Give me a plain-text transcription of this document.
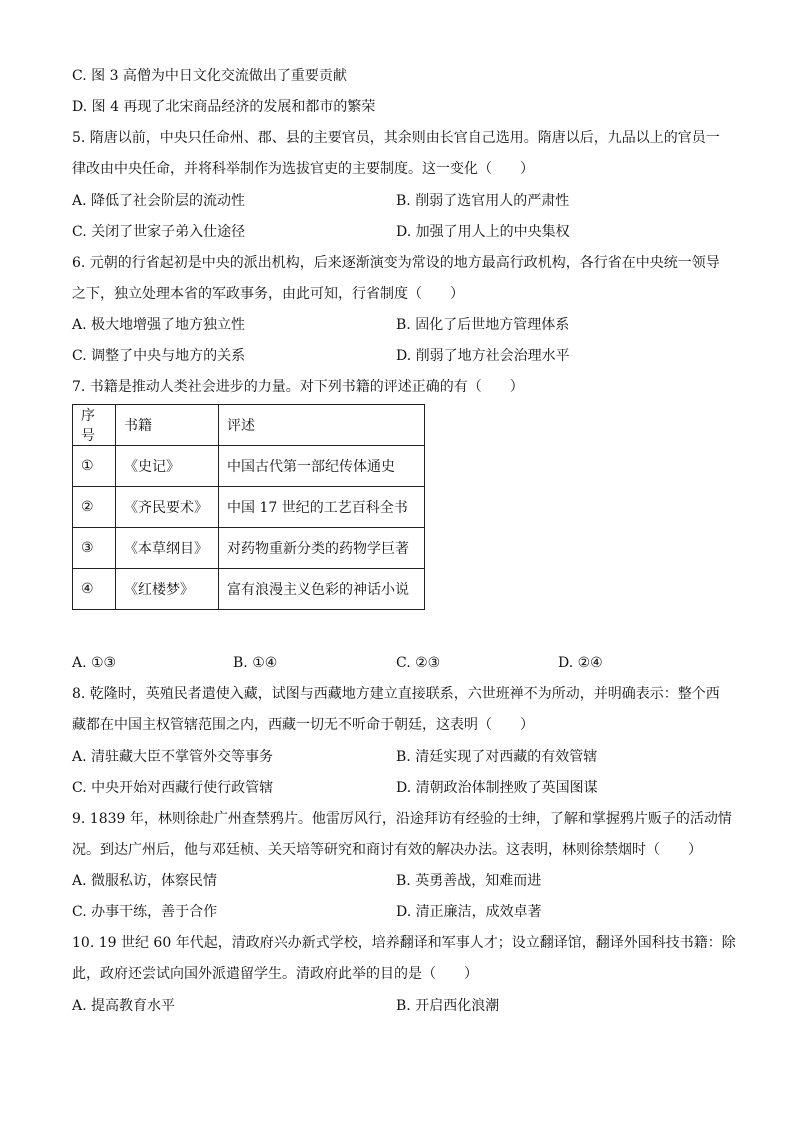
C. 图 3 高僧为中日文化交流做出了重要贡献
D. 图 4 再现了北宋商品经济的发展和都市的繁荣
5. 隋唐以前，中央只任命州、郡、县的主要官员，其余则由长官自己选用。隋唐以后，九品以上的官员一
律改由中央任命，并将科举制作为选拔官吏的主要制度。这一变化（　　）
A. 降低了社会阶层的流动性	B. 削弱了选官用人的严肃性
C. 关闭了世家子弟入仕途径	D. 加强了用人上的中央集权
6. 元朝的行省起初是中央的派出机构，后来逐渐演变为常设的地方最高行政机构，各行省在中央统一领导
之下，独立处理本省的军政事务，由此可知，行省制度（　　）
A. 极大地增强了地方独立性	B. 固化了后世地方管理体系
C. 调整了中央与地方的关系	D. 削弱了地方社会治理水平
7. 书籍是推动人类社会进步的力量。对下列书籍的评述正确的有（　　）
序号	书籍	评述
①	《史记》	中国古代第一部纪传体通史
②	《齐民要术》	中国 17 世纪的工艺百科全书
③	《本草纲目》	对药物重新分类的药物学巨著
④	《红楼梦》	富有浪漫主义色彩的神话小说
A. ①③	B. ①④	C. ②③	D. ②④
8. 乾隆时，英殖民者遣使入藏，试图与西藏地方建立直接联系，六世班禅不为所动，并明确表示：整个西
藏都在中国主权管辖范围之内，西藏一切无不听命于朝廷，这表明（　　）
A. 清驻藏大臣不掌管外交等事务	B. 清廷实现了对西藏的有效管辖
C. 中央开始对西藏行使行政管辖	D. 清朝政治体制挫败了英国图谋
9. 1839 年，林则徐赴广州查禁鸦片。他雷厉风行，沿途拜访有经验的士绅，了解和掌握鸦片贩子的活动情
况。到达广州后，他与邓廷桢、关天培等研究和商讨有效的解决办法。这表明，林则徐禁烟时（　　）
A. 微服私访，体察民情	B. 英勇善战，知难而进
C. 办事干练，善于合作	D. 清正廉洁，成效卓著
10. 19 世纪 60 年代起，清政府兴办新式学校，培养翻译和军事人才；设立翻译馆，翻译外国科技书籍：除
此，政府还尝试向国外派遣留学生。清政府此举的目的是（　　）
A. 提高教育水平	B. 开启西化浪潮
